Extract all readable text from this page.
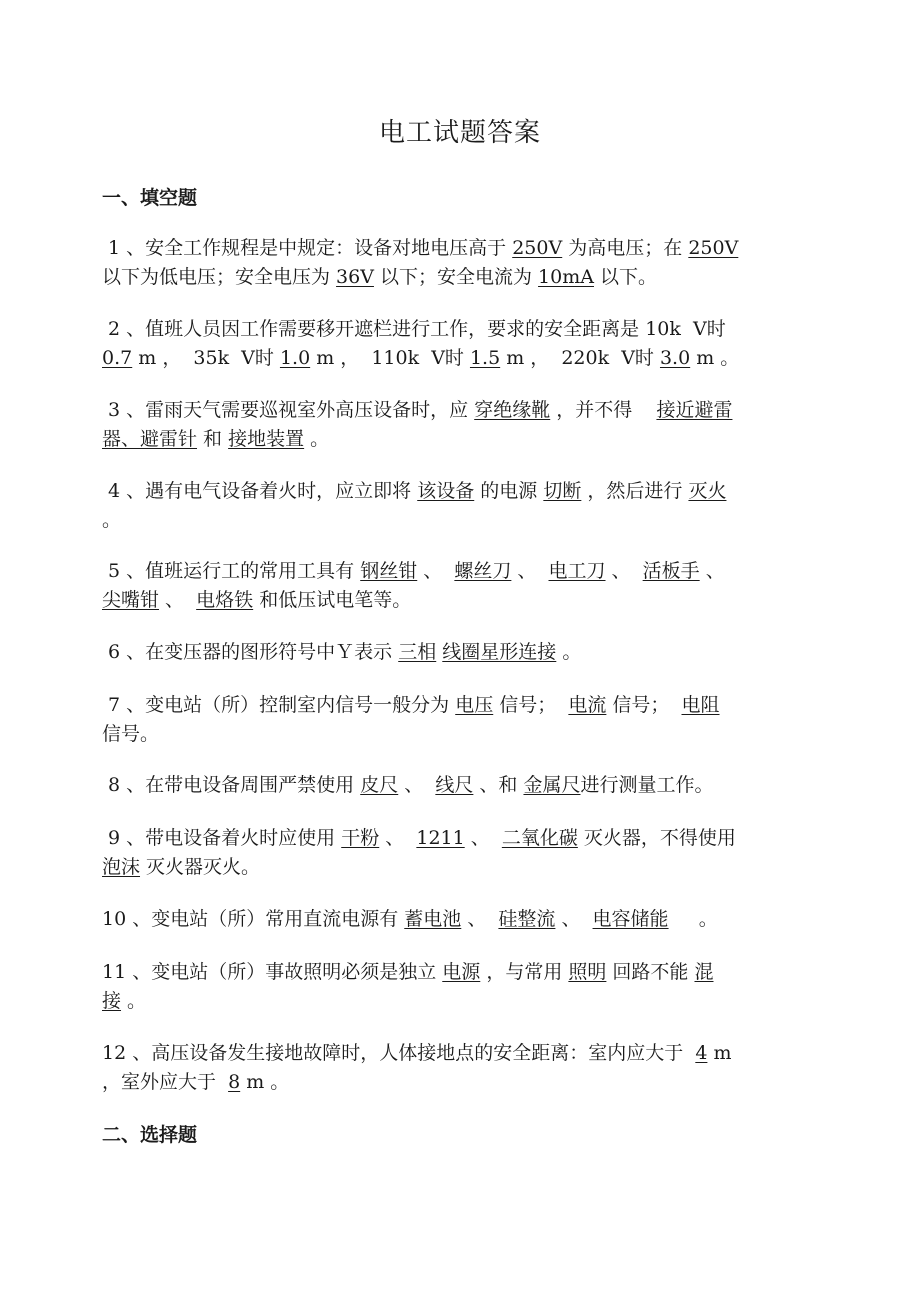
电工试题答案
一、填空题
1 、安全工作规程是中规定：设备对地电压高于 250V 为高电压；在 250V
以下为低电压；安全电压为 36V 以下；安全电流为 10mA 以下。
2 、值班人员因工作需要移开遮栏进行工作，要求的安全距离是 10k  V时
0.7 m ，  35k  V时 1.0 m ，  110k  V时 1.5 m ，  220k  V时 3.0 m 。
3 、雷雨天气需要巡视室外高压设备时，应 穿绝缘靴 ，并不得    接近避雷
器、避雷针 和 接地装置 。
4 、遇有电气设备着火时，应立即将 该设备 的电源 切断 ，然后进行 灭火
。
5 、值班运行工的常用工具有 钢丝钳 、  螺丝刀 、  电工刀 、  活板手 、
尖嘴钳 、  电烙铁 和低压试电笔等。
6 、在变压器的图形符号中Ｙ表示 三相 线圈星形连接 。
7 、变电站（所）控制室内信号一般分为 电压 信号；  电流 信号；  电阻
信号。
8 、在带电设备周围严禁使用 皮尺 、  线尺 、和 金属尺进行测量工作。
9 、带电设备着火时应使用 干粉 、  1211 、  二氧化碳 灭火器，不得使用
泡沫 灭火器灭火。
10 、变电站（所）常用直流电源有 蓄电池 、  硅整流 、  电容储能     。
11 、变电站（所）事故照明必须是独立 电源 ，与常用 照明 回路不能 混
接 。
12 、高压设备发生接地故障时，人体接地点的安全距离：室内应大于  4 m
，室外应大于  8 m 。
二、选择题
